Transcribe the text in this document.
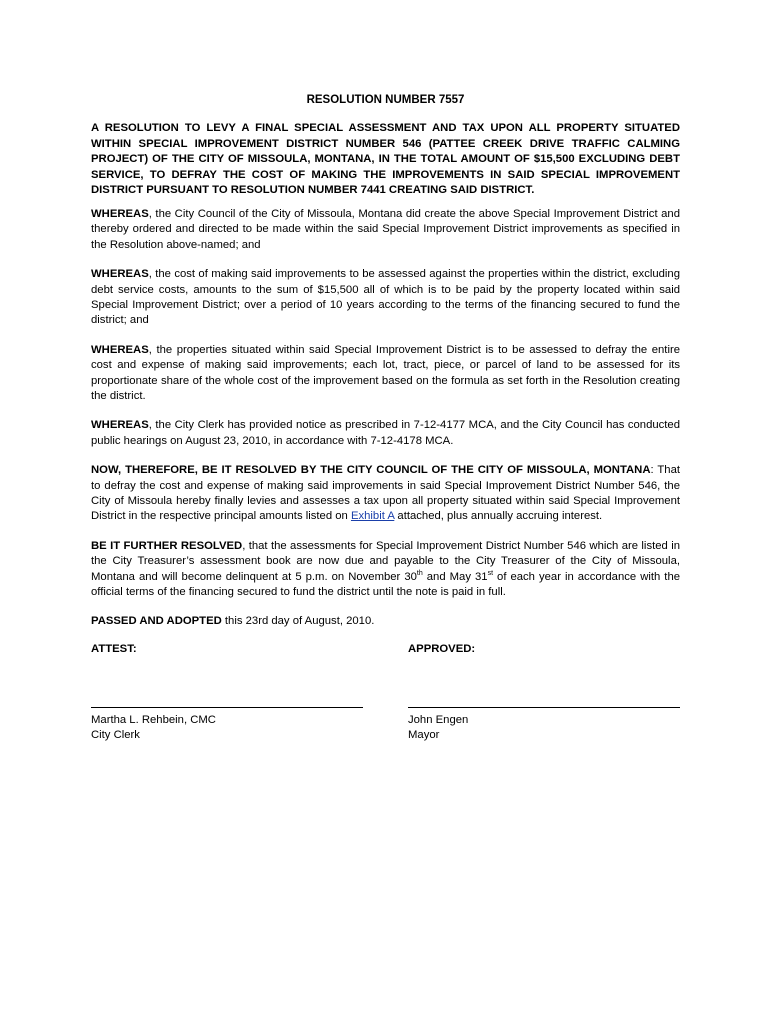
RESOLUTION NUMBER 7557
A RESOLUTION TO LEVY A FINAL SPECIAL ASSESSMENT AND TAX UPON ALL PROPERTY SITUATED WITHIN SPECIAL IMPROVEMENT DISTRICT NUMBER 546 (PATTEE CREEK DRIVE TRAFFIC CALMING PROJECT) OF THE CITY OF MISSOULA, MONTANA, IN THE TOTAL AMOUNT OF $15,500 EXCLUDING DEBT SERVICE, TO DEFRAY THE COST OF MAKING THE IMPROVEMENTS IN SAID SPECIAL IMPROVEMENT DISTRICT PURSUANT TO RESOLUTION NUMBER 7441 CREATING SAID DISTRICT.

WHEREAS, the City Council of the City of Missoula, Montana did create the above Special Improvement District and thereby ordered and directed to be made within the said Special Improvement District improvements as specified in the Resolution above-named; and

WHEREAS, the cost of making said improvements to be assessed against the properties within the district, excluding debt service costs, amounts to the sum of $15,500 all of which is to be paid by the property located within said Special Improvement District; over a period of 10 years according to the terms of the financing secured to fund the district; and

WHEREAS, the properties situated within said Special Improvement District is to be assessed to defray the entire cost and expense of making said improvements; each lot, tract, piece, or parcel of land to be assessed for its proportionate share of the whole cost of the improvement based on the formula as set forth in the Resolution creating the district.

WHEREAS, the City Clerk has provided notice as prescribed in 7-12-4177 MCA, and the City Council has conducted public hearings on August 23, 2010, in accordance with 7-12-4178 MCA.

NOW, THEREFORE, BE IT RESOLVED BY THE CITY COUNCIL OF THE CITY OF MISSOULA, MONTANA: That to defray the cost and expense of making said improvements in said Special Improvement District Number 546, the City of Missoula hereby finally levies and assesses a tax upon all property situated within said Special Improvement District in the respective principal amounts listed on Exhibit A attached, plus annually accruing interest.

BE IT FURTHER RESOLVED, that the assessments for Special Improvement District Number 546 which are listed in the City Treasurer’s assessment book are now due and payable to the City Treasurer of the City of Missoula, Montana and will become delinquent at 5 p.m. on November 30th and May 31st of each year in accordance with the official terms of the financing secured to fund the district until the note is paid in full.

PASSED AND ADOPTED this 23rd day of August, 2010.

ATTEST:
Martha L. Rehbein, CMC
City Clerk
APPROVED:
John Engen
Mayor
